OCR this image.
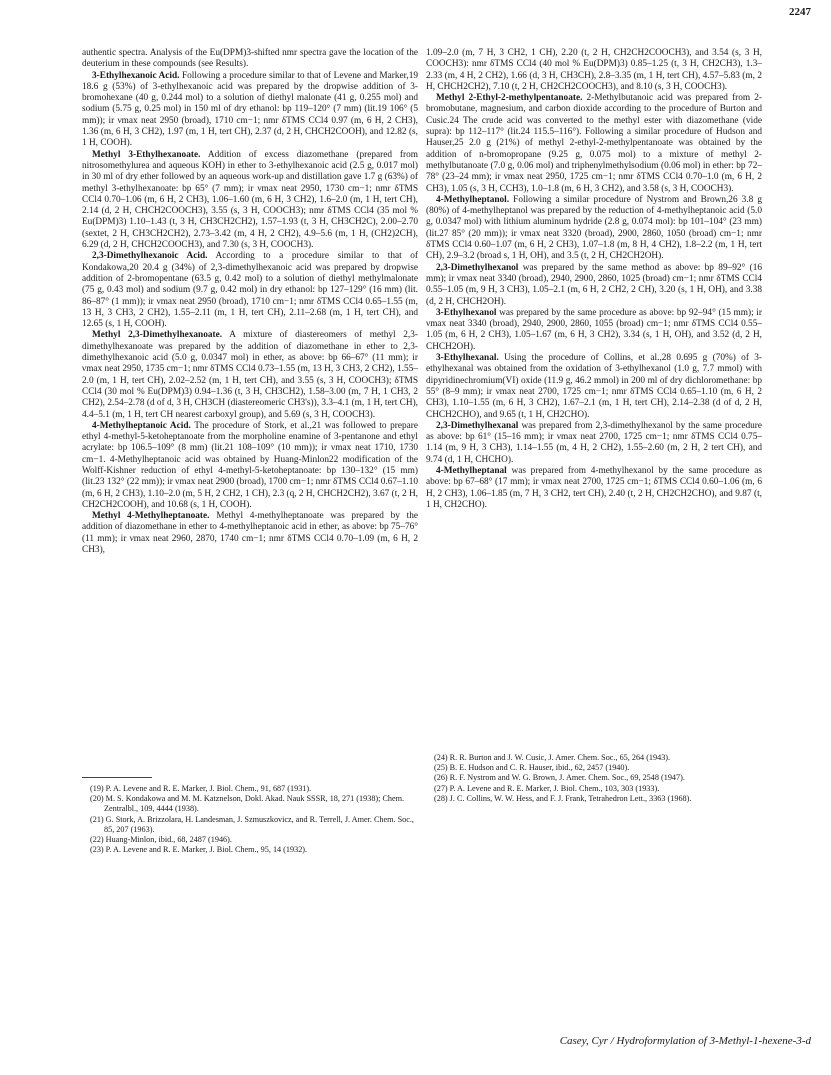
2247

authentic spectra. Analysis of the Eu(DPM)3-shifted nmr spectra gave the location of the deuterium in these compounds (see Results).

3-Ethylhexanoic Acid. Following a procedure similar to that of Levene and Marker,19 18.6 g (53%) of 3-ethylhexanoic acid was prepared by the dropwise addition of 3-bromohexane (40 g, 0.244 mol) to a solution of diethyl malonate (41 g, 0.255 mol) and sodium (5.75 g, 0.25 mol) in 150 ml of dry ethanol: bp 119–120° (7 mm) (lit.19 106° (5 mm)); ir νmax neat 2950 (broad), 1710 cm−1; nmr δTMS CCl4 0.97 (m, 6 H, 2 CH3), 1.36 (m, 6 H, 3 CH2), 1.97 (m, 1 H, tert CH), 2.37 (d, 2 H, CHCH2COOH), and 12.82 (s, 1 H, COOH).

Methyl 3-Ethylhexanoate. Addition of excess diazomethane (prepared from nitrosomethylurea and aqueous KOH) in ether to 3-ethylhexanoic acid (2.5 g, 0.017 mol) in 30 ml of dry ether followed by an aqueous work-up and distillation gave 1.7 g (63%) of methyl 3-ethylhexanoate: bp 65° (7 mm); ir νmax neat 2950, 1730 cm−1; nmr δTMS CCl4 0.70–1.06 (m, 6 H, 2 CH3), 1.06–1.60 (m, 6 H, 3 CH2), 1.6–2.0 (m, 1 H, tert CH), 2.14 (d, 2 H, CHCH2COOCH3), 3.55 (s, 3 H, COOCH3); nmr δTMS CCl4 (35 mol % Eu(DPM)3) 1.10–1.43 (t, 3 H, CH3CH2CH2), 1.57–1.93 (t, 3 H, CH3CH2C), 2.00–2.70 (sextet, 2 H, CH3CH2CH2), 2.73–3.42 (m, 4 H, 2 CH2), 4.9–5.6 (m, 1 H, (CH2)2CH), 6.29 (d, 2 H, CHCH2COOCH3), and 7.30 (s, 3 H, COOCH3).

2,3-Dimethylhexanoic Acid. According to a procedure similar to that of Kondakowa,20 20.4 g (34%) of 2,3-dimethylhexanoic acid was prepared by dropwise addition of 2-bromopentane (63.5 g, 0.42 mol) to a solution of diethyl methylmalonate (75 g, 0.43 mol) and sodium (9.7 g, 0.42 mol) in dry ethanol: bp 127–129° (16 mm) (lit. 86–87° (1 mm)); ir νmax neat 2950 (broad), 1710 cm−1; nmr δTMS CCl4 0.65–1.55 (m, 13 H, 3 CH3, 2 CH2), 1.55–2.11 (m, 1 H, tert CH), 2.11–2.68 (m, 1 H, tert CH), and 12.65 (s, 1 H, COOH).

Methyl 2,3-Dimethylhexanoate. A mixture of diastereomers of methyl 2,3-dimethylhexanoate was prepared by the addition of diazomethane in ether to 2,3-dimethylhexanoic acid (5.0 g, 0.0347 mol) in ether, as above: bp 66–67° (11 mm); ir νmax neat 2950, 1735 cm−1; nmr δTMS CCl4 0.73–1.55 (m, 13 H, 3 CH3, 2 CH2), 1.55–2.0 (m, 1 H, tert CH), 2.02–2.52 (m, 1 H, tert CH), and 3.55 (s, 3 H, COOCH3); δTMS CCl4 (30 mol % Eu(DPM)3) 0.94–1.36 (t, 3 H, CH3CH2), 1.58–3.00 (m, 7 H, 1 CH3, 2 CH2), 2.54–2.78 (d of d, 3 H, CH3CH (diastereomeric CH3's)), 3.3–4.1 (m, 1 H, tert CH), 4.4–5.1 (m, 1 H, tert CH nearest carboxyl group), and 5.69 (s, 3 H, COOCH3).

4-Methylheptanoic Acid. The procedure of Stork, et al.,21 was followed to prepare ethyl 4-methyl-5-ketoheptanoate from the morpholine enamine of 3-pentanone and ethyl acrylate: bp 106.5–109° (8 mm) (lit.21 108–109° (10 mm)); ir νmax neat 1710, 1730 cm−1. 4-Methylheptanoic acid was obtained by Huang-Minlon22 modification of the Wolff-Kishner reduction of ethyl 4-methyl-5-ketoheptanoate: bp 130–132° (15 mm) (lit.23 132° (22 mm)); ir νmax neat 2900 (broad), 1700 cm−1; nmr δTMS CCl4 0.67–1.10 (m, 6 H, 2 CH3), 1.10–2.0 (m, 5 H, 2 CH2, 1 CH), 2.3 (q, 2 H, CHCH2CH2), 3.67 (t, 2 H, CH2CH2COOH), and 10.68 (s, 1 H, COOH).

Methyl 4-Methylheptanoate. Methyl 4-methylheptanoate was prepared by the addition of diazomethane in ether to 4-methylheptanoic acid in ether, as above: bp 75–76° (11 mm); ir νmax neat 2960, 2870, 1740 cm−1; nmr δTMS CCl4 0.70–1.09 (m, 6 H, 2 CH3),

1.09–2.0 (m, 7 H, 3 CH2, 1 CH), 2.20 (t, 2 H, CH2CH2COOCH3), and 3.54 (s, 3 H, COOCH3): nmr δTMS CCl4 (40 mol % Eu(DPM)3) 0.85–1.25 (t, 3 H, CH2CH3), 1.3–2.33 (m, 4 H, 2 CH2), 1.66 (d, 3 H, CH3CH), 2.8–3.35 (m, 1 H, tert CH), 4.57–5.83 (m, 2 H, CHCH2CH2), 7.10 (t, 2 H, CH2CH2COOCH3), and 8.10 (s, 3 H, COOCH3).

Methyl 2-Ethyl-2-methylpentanoate. 2-Methylbutanoic acid was prepared from 2-bromobutane, magnesium, and carbon dioxide according to the procedure of Burton and Cusic.24 The crude acid was converted to the methyl ester with diazomethane (vide supra): bp 112–117° (lit.24 115.5–116°). Following a similar procedure of Hudson and Hauser,25 2.0 g (21%) of methyl 2-ethyl-2-methylpentanoate was obtained by the addition of n-bromopropane (9.25 g, 0.075 mol) to a mixture of methyl 2-methylbutanoate (7.0 g, 0.06 mol) and triphenylmethylsodium (0.06 mol) in ether: bp 72–78° (23–24 mm); ir νmax neat 2950, 1725 cm−1; nmr δTMS CCl4 0.70–1.0 (m, 6 H, 2 CH3), 1.05 (s, 3 H, CCH3), 1.0–1.8 (m, 6 H, 3 CH2), and 3.58 (s, 3 H, COOCH3).

4-Methylheptanol. Following a similar procedure of Nystrom and Brown,26 3.8 g (80%) of 4-methylheptanol was prepared by the reduction of 4-methylheptanoic acid (5.0 g, 0.0347 mol) with lithium aluminum hydride (2.8 g, 0.074 mol): bp 101–104° (23 mm) (lit.27 85° (20 mm)); ir νmax neat 3320 (broad), 2900, 2860, 1050 (broad) cm−1; nmr δTMS CCl4 0.60–1.07 (m, 6 H, 2 CH3), 1.07–1.8 (m, 8 H, 4 CH2), 1.8–2.2 (m, 1 H, tert CH), 2.9–3.2 (broad s, 1 H, OH), and 3.5 (t, 2 H, CH2CH2OH).

2,3-Dimethylhexanol was prepared by the same method as above: bp 89–92° (16 mm); ir νmax neat 3340 (broad), 2940, 2900, 2860, 1025 (broad) cm−1; nmr δTMS CCl4 0.55–1.05 (m, 9 H, 3 CH3), 1.05–2.1 (m, 6 H, 2 CH2, 2 CH), 3.20 (s, 1 H, OH), and 3.38 (d, 2 H, CHCH2OH).

3-Ethylhexanol was prepared by the same procedure as above: bp 92–94° (15 mm); ir νmax neat 3340 (broad), 2940, 2900, 2860, 1055 (broad) cm−1; nmr δTMS CCl4 0.55–1.05 (m, 6 H, 2 CH3), 1.05–1.67 (m, 6 H, 3 CH2), 3.34 (s, 1 H, OH), and 3.52 (d, 2 H, CHCH2OH).

3-Ethylhexanal. Using the procedure of Collins, et al.,28 0.695 g (70%) of 3-ethylhexanal was obtained from the oxidation of 3-ethylhexanol (1.0 g, 7.7 mmol) with dipyridinechromium(VI) oxide (11.9 g, 46.2 mmol) in 200 ml of dry dichloromethane: bp 55° (8–9 mm); ir νmax neat 2700, 1725 cm−1; nmr δTMS CCl4 0.65–1.10 (m, 6 H, 2 CH3), 1.10–1.55 (m, 6 H, 3 CH2), 1.67–2.1 (m, 1 H, tert CH), 2.14–2.38 (d of d, 2 H, CHCH2CHO), and 9.65 (t, 1 H, CH2CHO).

2,3-Dimethylhexanal was prepared from 2,3-dimethylhexanol by the same procedure as above: bp 61° (15–16 mm); ir νmax neat 2700, 1725 cm−1; nmr δTMS CCl4 0.75–1.14 (m, 9 H, 3 CH3), 1.14–1.55 (m, 4 H, 2 CH2), 1.55–2.60 (m, 2 H, 2 tert CH), and 9.74 (d, 1 H, CHCHO).

4-Methylheptanal was prepared from 4-methylhexanol by the same procedure as above: bp 67–68° (17 mm); ir νmax neat 2700, 1725 cm−1; δTMS CCl4 0.60–1.06 (m, 6 H, 2 CH3), 1.06–1.85 (m, 7 H, 3 CH2, tert CH), 2.40 (t, 2 H, CH2CH2CHO), and 9.87 (t, 1 H, CH2CHO).

(19) P. A. Levene and R. E. Marker, J. Biol. Chem., 91, 687 (1931).
(20) M. S. Kondakowa and M. M. Katznelson, Dokl. Akad. Nauk SSSR, 18, 271 (1938); Chem. Zentralbl., 109, 4444 (1938).
(21) G. Stork, A. Brizzolara, H. Landesman, J. Szmuszkovicz, and R. Terrell, J. Amer. Chem. Soc., 85, 207 (1963).
(22) Huang-Minlon, ibid., 68, 2487 (1946).
(23) P. A. Levene and R. E. Marker, J. Biol. Chem., 95, 14 (1932).
(24) R. R. Burton and J. W. Cusic, J. Amer. Chem. Soc., 65, 264 (1943).
(25) B. E. Hudson and C. R. Hauser, ibid., 62, 2457 (1940).
(26) R. F. Nystrom and W. G. Brown, J. Amer. Chem. Soc., 69, 2548 (1947).
(27) P. A. Levene and R. E. Marker, J. Biol. Chem., 103, 303 (1933).
(28) J. C. Collins, W. W. Hess, and F. J. Frank, Tetrahedron Lett., 3363 (1968).
Casey, Cyr / Hydroformylation of 3-Methyl-1-hexene-3-d
